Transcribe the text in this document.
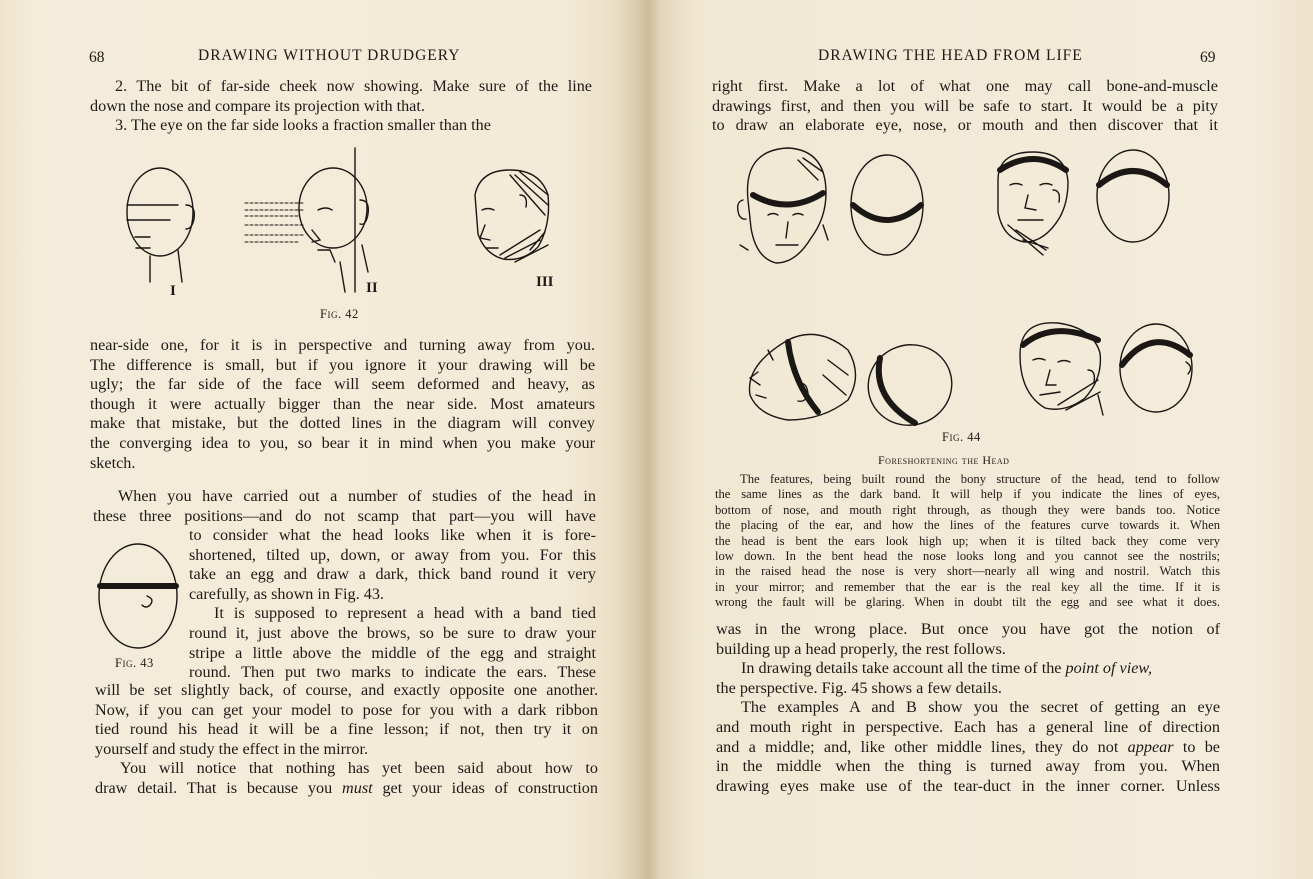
68	DRAWING WITHOUT DRUDGERY
2. The bit of far-side cheek now showing. Make sure of the line
down the nose and compare its projection with that.
3. The eye on the far side looks a fraction smaller than the
I	II	III
Fig. 42
near-side one, for it is in perspective and turning away from you.
The difference is small, but if you ignore it your drawing will be
ugly; the far side of the face will seem deformed and heavy, as
though it were actually bigger than the near side. Most amateurs
make that mistake, but the dotted lines in the diagram will convey
the converging idea to you, so bear it in mind when you make your
sketch.
When you have carried out a number of studies of the head in
these three positions—and do not scamp that part—you will have
Fig. 43
to consider what the head looks like when it is fore-
shortened, tilted up, down, or away from you. For this
take an egg and draw a dark, thick band round it very
carefully, as shown in Fig. 43.
It is supposed to represent a head with a band tied
round it, just above the brows, so be sure to draw your
stripe a little above the middle of the egg and straight
round. Then put two marks to indicate the ears. These
will be set slightly back, of course, and exactly opposite one another.
Now, if you can get your model to pose for you with a dark ribbon
tied round his head it will be a fine lesson; if not, then try it on
yourself and study the effect in the mirror.
You will notice that nothing has yet been said about how to
draw detail. That is because you must get your ideas of construction
DRAWING THE HEAD FROM LIFE	69
right first. Make a lot of what one may call bone-and-muscle
drawings first, and then you will be safe to start. It would be a pity
to draw an elaborate eye, nose, or mouth and then discover that it
Fig. 44
Foreshortening the Head
The features, being built round the bony structure of the head, tend to follow
the same lines as the dark band. It will help if you indicate the lines of eyes,
bottom of nose, and mouth right through, as though they were bands too. Notice
the placing of the ear, and how the lines of the features curve towards it. When
the head is bent the ears look high up; when it is tilted back they come very
low down. In the bent head the nose looks long and you cannot see the nostrils;
in the raised head the nose is very short—nearly all wing and nostril. Watch this
in your mirror; and remember that the ear is the real key all the time. If it is
wrong the fault will be glaring. When in doubt tilt the egg and see what it does.
was in the wrong place. But once you have got the notion of
building up a head properly, the rest follows.
In drawing details take account all the time of the point of view,
the perspective. Fig. 45 shows a few details.
The examples A and B show you the secret of getting an eye
and mouth right in perspective. Each has a general line of direction
and a middle; and, like other middle lines, they do not appear to be
in the middle when the thing is turned away from you. When
drawing eyes make use of the tear-duct in the inner corner. Unless
